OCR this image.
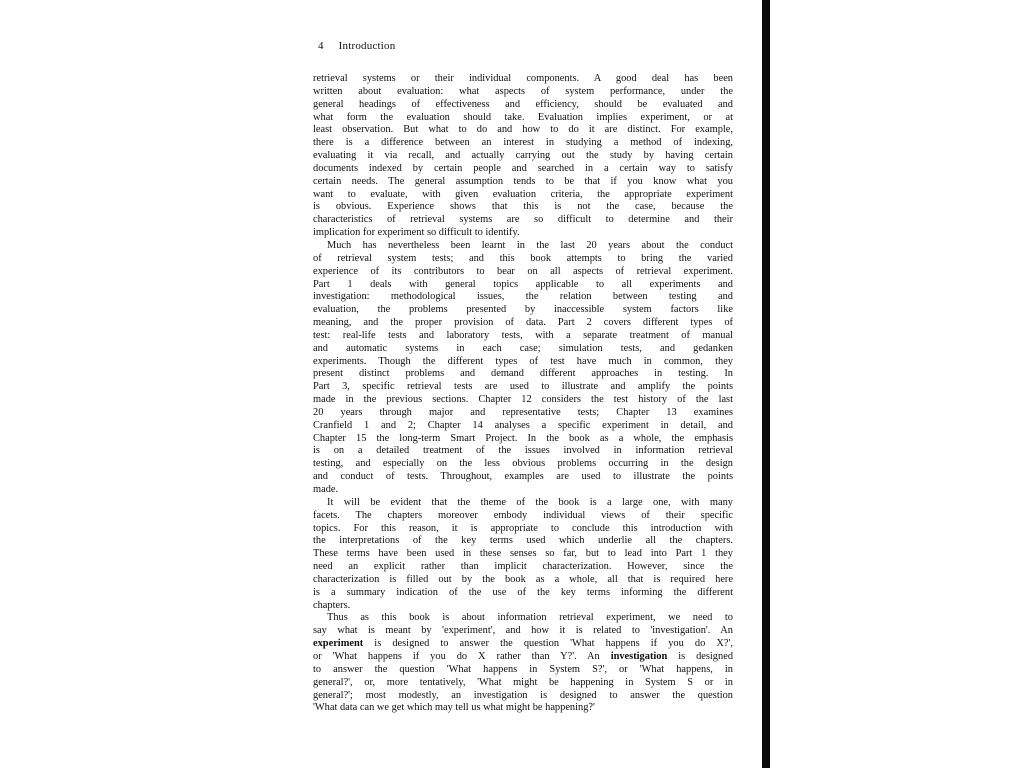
4 Introduction
retrieval systems or their individual components. A good deal has been
written about evaluation: what aspects of system performance, under the
general headings of effectiveness and efficiency, should be evaluated and
what form the evaluation should take. Evaluation implies experiment, or at
least observation. But what to do and how to do it are distinct. For example,
there is a difference between an interest in studying a method of indexing,
evaluating it via recall, and actually carrying out the study by having certain
documents indexed by certain people and searched in a certain way to satisfy
certain needs. The general assumption tends to be that if you know what you
want to evaluate, with given evaluation criteria, the appropriate experiment
is obvious. Experience shows that this is not the case, because the
characteristics of retrieval systems are so difficult to determine and their
implication for experiment so difficult to identify.
Much has nevertheless been learnt in the last 20 years about the conduct
of retrieval system tests; and this book attempts to bring the varied
experience of its contributors to bear on all aspects of retrieval experiment.
Part 1 deals with general topics applicable to all experiments and
investigation: methodological issues, the relation between testing and
evaluation, the problems presented by inaccessible system factors like
meaning, and the proper provision of data. Part 2 covers different types of
test: real-life tests and laboratory tests, with a separate treatment of manual
and automatic systems in each case; simulation tests, and gedanken
experiments. Though the different types of test have much in common, they
present distinct problems and demand different approaches in testing. In
Part 3, specific retrieval tests are used to illustrate and amplify the points
made in the previous sections. Chapter 12 considers the test history of the last
20 years through major and representative tests; Chapter 13 examines
Cranfield 1 and 2; Chapter 14 analyses a specific experiment in detail, and
Chapter 15 the long-term Smart Project. In the book as a whole, the emphasis
is on a detailed treatment of the issues involved in information retrieval
testing, and especially on the less obvious problems occurring in the design
and conduct of tests. Throughout, examples are used to illustrate the points
made.
It will be evident that the theme of the book is a large one, with many
facets. The chapters moreover embody individual views of their specific
topics. For this reason, it is appropriate to conclude this introduction with
the interpretations of the key terms used which underlie all the chapters.
These terms have been used in these senses so far, but to lead into Part 1 they
need an explicit rather than implicit characterization. However, since the
characterization is filled out by the book as a whole, all that is required here
is a summary indication of the use of the key terms informing the different
chapters.
Thus as this book is about information retrieval experiment, we need to
say what is meant by 'experiment', and how it is related to 'investigation'. An
experiment is designed to answer the question 'What happens if you do X?',
or 'What happens if you do X rather than Y?'. An investigation is designed
to answer the question 'What happens in System S?', or 'What happens, in
general?', or, more tentatively, 'What might be happening in System S or in
general?'; most modestly, an investigation is designed to answer the question
'What data can we get which may tell us what might be happening?'
